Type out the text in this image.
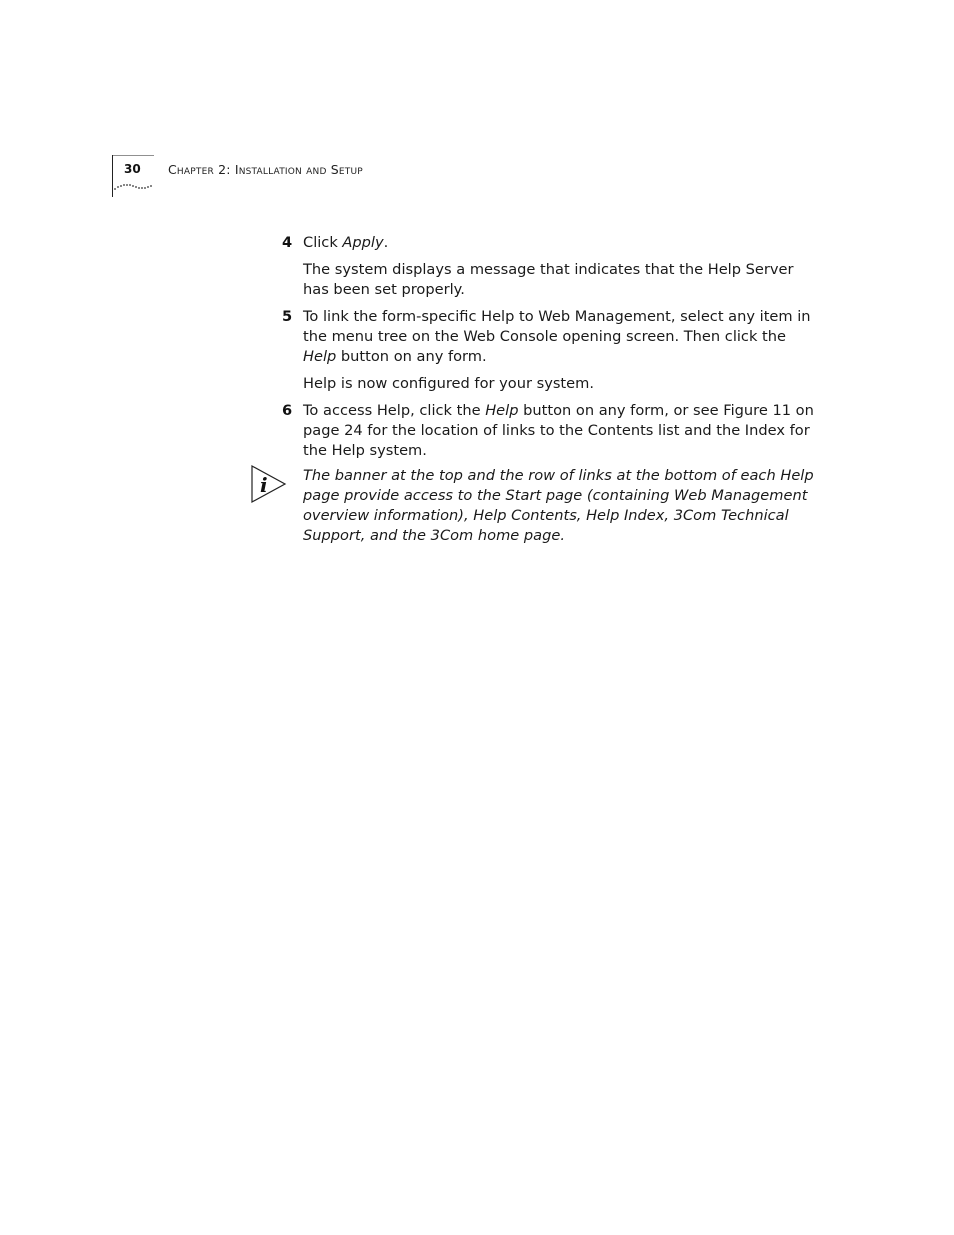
30 Chapter 2: Installation and Setup
4 Click Apply.
The system displays a message that indicates that the Help Server has been set properly.
5 To link the form-specific Help to Web Management, select any item in the menu tree on the Web Console opening screen. Then click the Help button on any form.
Help is now configured for your system.
6 To access Help, click the Help button on any form, or see Figure 11 on page 24 for the location of links to the Contents list and the Index for the Help system.
i The banner at the top and the row of links at the bottom of each Help page provide access to the Start page (containing Web Management overview information), Help Contents, Help Index, 3Com Technical Support, and the 3Com home page.
